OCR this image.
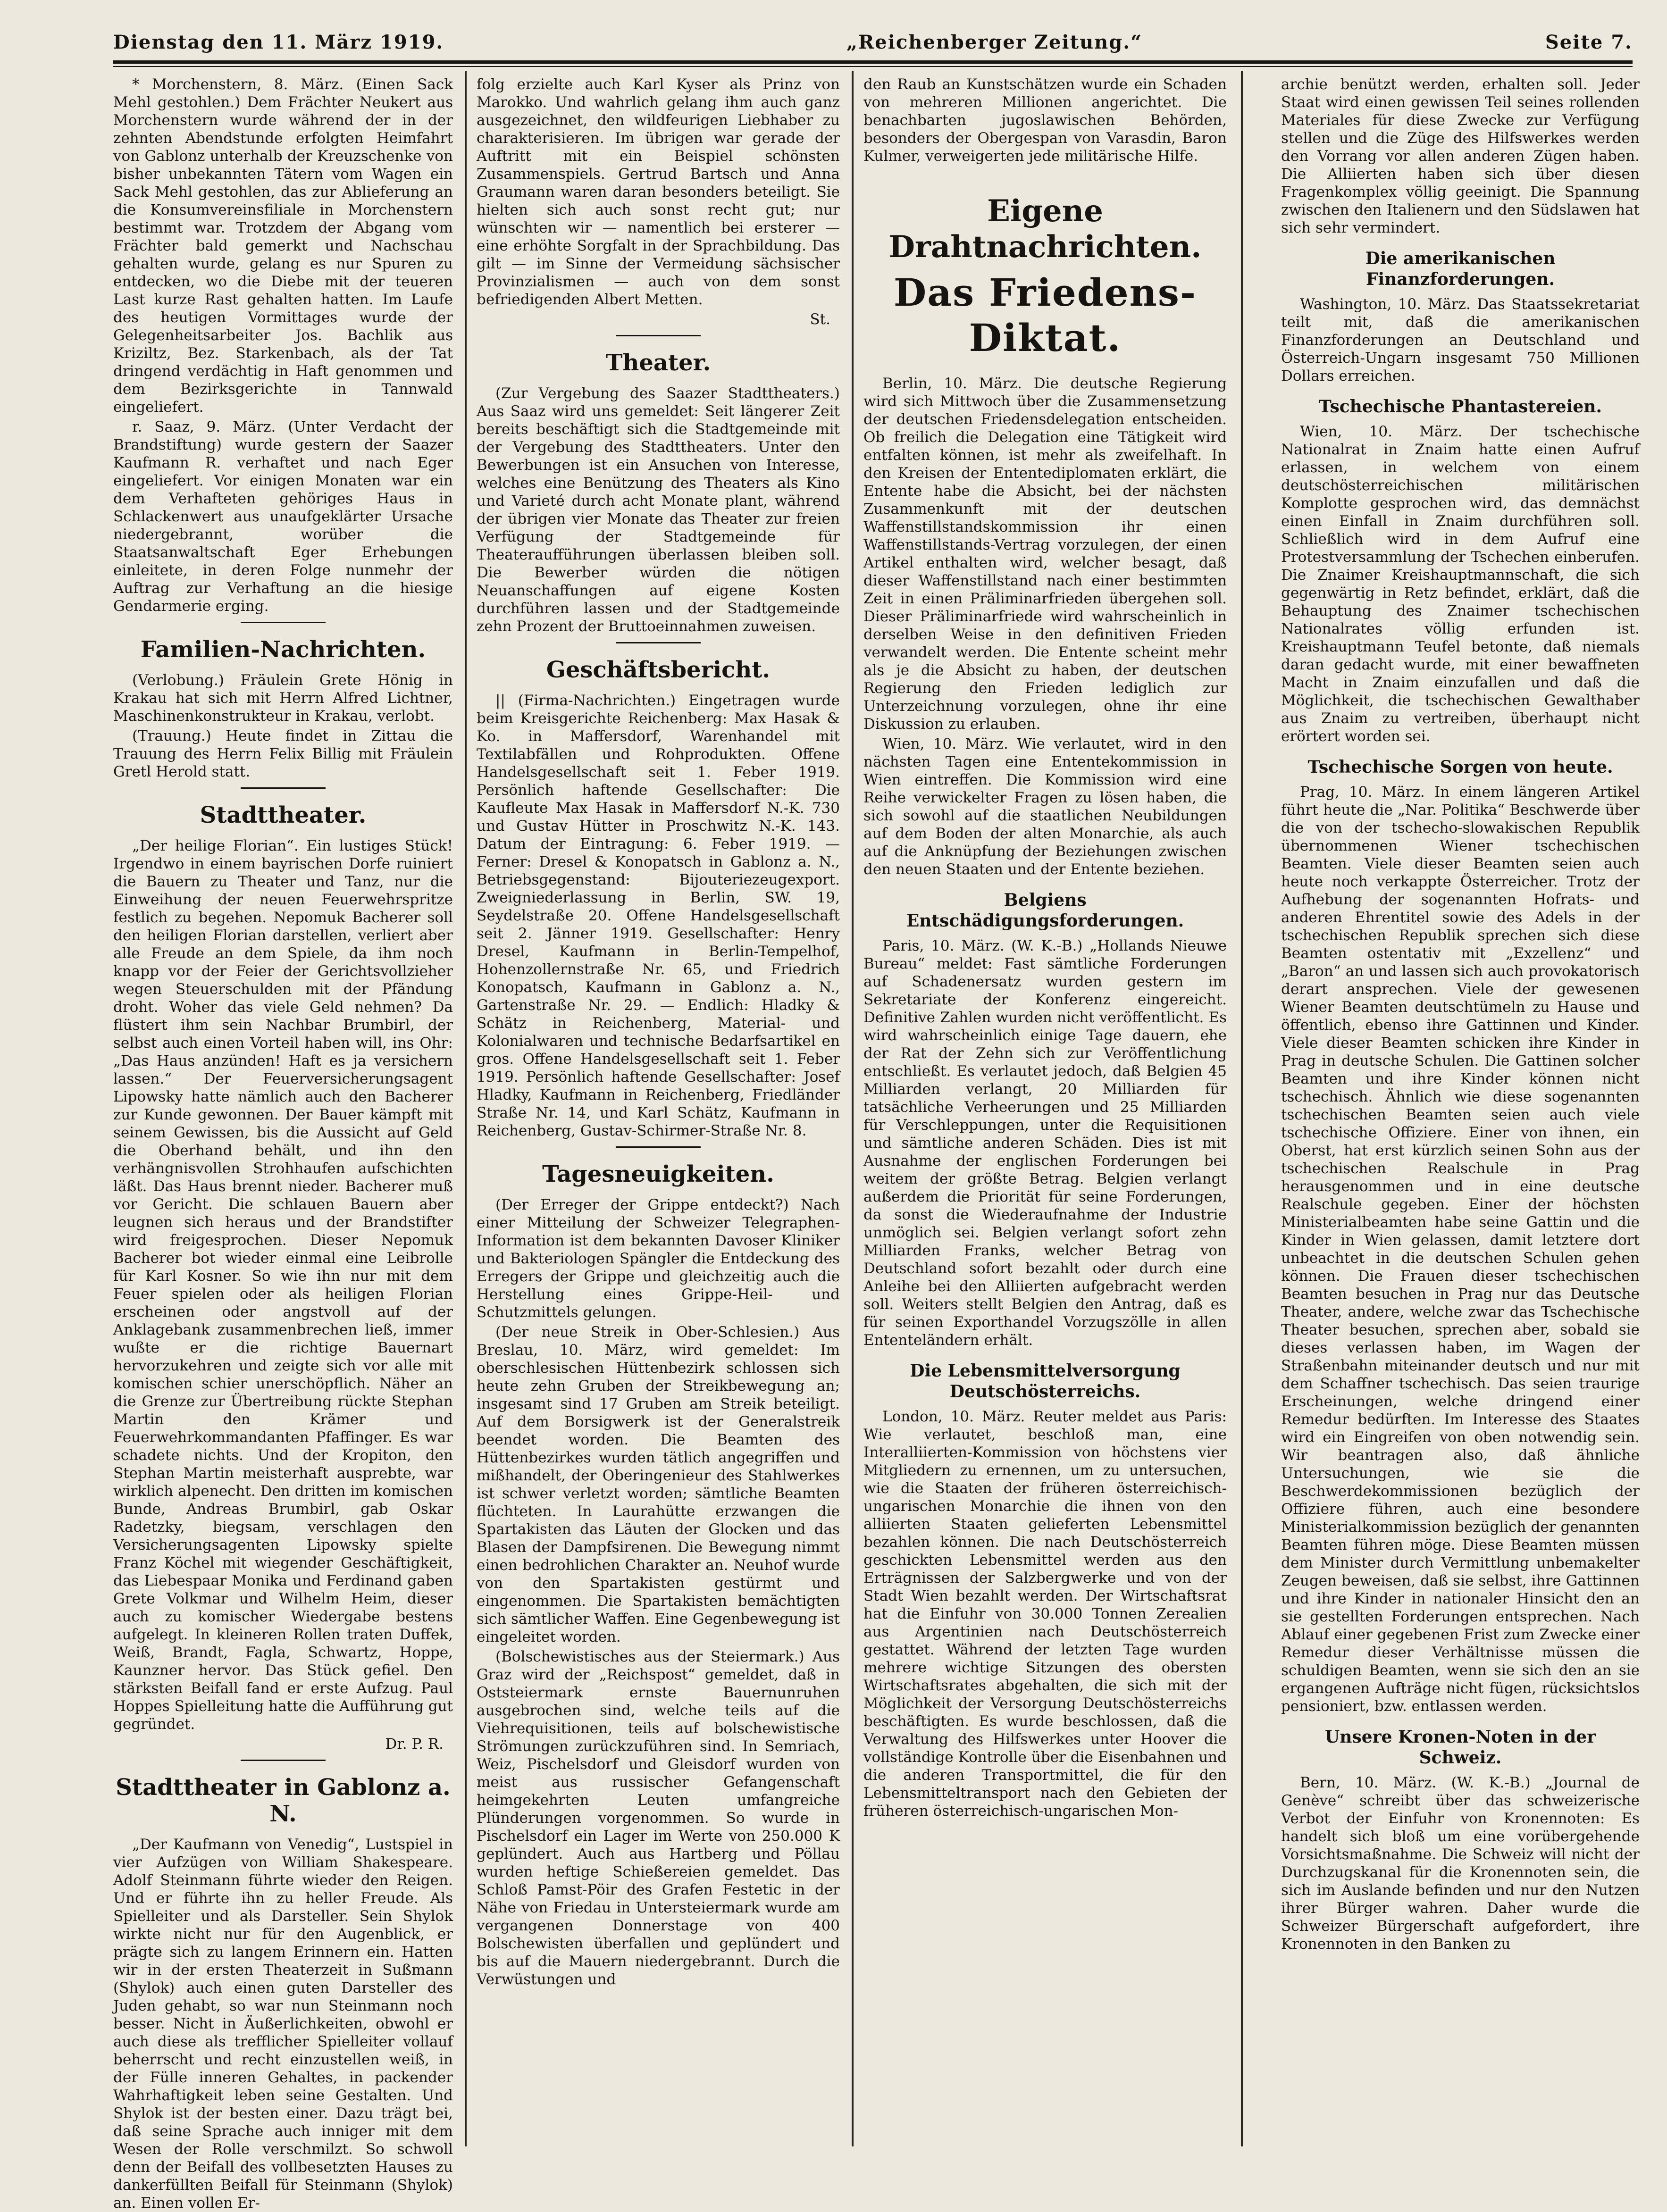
Dienstag den 11. März 1919.	„Reichenberger Zeitung.“	Seite 7.

* Morchenstern, 8. März. (Einen Sack Mehl gestohlen.) Dem Frächter Neukert aus Morchenstern wurde während der in der zehnten Abendstunde erfolgten Heimfahrt von Gablonz unterhalb der Kreuzschenke von bisher unbekannten Tätern vom Wagen ein Sack Mehl gestohlen, das zur Ablieferung an die Konsumvereinsfiliale in Morchenstern bestimmt war. Trotzdem der Abgang vom Frächter bald gemerkt und Nachschau gehalten wurde, gelang es nur Spuren zu entdecken, wo die Diebe mit der teueren Last kurze Rast gehalten hatten. Im Laufe des heutigen Vormittages wurde der Gelegenheitsarbeiter Jos. Bachlik aus Kriziltz, Bez. Starkenbach, als der Tat dringend verdächtig in Haft genommen und dem Bezirksgerichte in Tannwald eingeliefert.

r. Saaz, 9. März. (Unter Verdacht der Brandstiftung) wurde gestern der Saazer Kaufmann R. verhaftet und nach Eger eingeliefert. Vor einigen Monaten war ein dem Verhafteten gehöriges Haus in Schlackenwert aus unaufgeklärter Ursache niedergebrannt, worüber die Staatsanwaltschaft Eger Erhebungen einleitete, in deren Folge nunmehr der Auftrag zur Verhaftung an die hiesige Gendarmerie erging.

Familien-Nachrichten.

(Verlobung.) Fräulein Grete Hönig in Krakau hat sich mit Herrn Alfred Lichtner, Maschinenkonstrukteur in Krakau, verlobt.

(Trauung.) Heute findet in Zittau die Trauung des Herrn Felix Billig mit Fräulein Gretl Herold statt.

Stadttheater.

„Der heilige Florian“. Ein lustiges Stück! Irgendwo in einem bayrischen Dorfe ruiniert die Bauern zu Theater und Tanz, nur die Einweihung der neuen Feuerwehrspritze festlich zu begehen. Nepomuk Bacherer soll den heiligen Florian darstellen, verliert aber alle Freude an dem Spiele, da ihm noch knapp vor der Feier der Gerichtsvollzieher wegen Steuerschulden mit der Pfändung droht. Woher das viele Geld nehmen? Da flüstert ihm sein Nachbar Brumbirl, der selbst auch einen Vorteil haben will, ins Ohr: „Das Haus anzünden! Haft es ja versichern lassen.“ Der Feuerversicherungsagent Lipowsky hatte nämlich auch den Bacherer zur Kunde gewonnen. Der Bauer kämpft mit seinem Gewissen, bis die Aussicht auf Geld die Oberhand behält, und ihn den verhängnisvollen Strohhaufen aufschichten läßt. Das Haus brennt nieder. Bacherer muß vor Gericht. Die schlauen Bauern aber leugnen sich heraus und der Brandstifter wird freigesprochen. Dieser Nepomuk Bacherer bot wieder einmal eine Leibrolle für Karl Kosner. So wie ihn nur mit dem Feuer spielen oder als heiligen Florian erscheinen oder angstvoll auf der Anklagebank zusammenbrechen ließ, immer wußte er die richtige Bauernart hervorzukehren und zeigte sich vor alle mit komischen schier unerschöpflich. Näher an die Grenze zur Übertreibung rückte Stephan Martin den Krämer und Feuerwehrkommandanten Pfaffinger. Es war schadete nichts. Und der Kropiton, den Stephan Martin meisterhaft ausprebte, war wirklich alpenecht. Den dritten im komischen Bunde, Andreas Brumbirl, gab Oskar Radetzky, biegsam, verschlagen den Versicherungsagenten Lipowsky spielte Franz Köchel mit wiegender Geschäftigkeit, das Liebespaar Monika und Ferdinand gaben Grete Volkmar und Wilhelm Heim, dieser auch zu komischer Wiedergabe bestens aufgelegt. In kleineren Rollen traten Duffek, Weiß, Brandt, Fagla, Schwartz, Hoppe, Kaunzner hervor. Das Stück gefiel. Den stärksten Beifall fand er erste Aufzug. Paul Hoppes Spielleitung hatte die Aufführung gut gegründet.

Dr. P. R.

Stadttheater in Gablonz a. N.

„Der Kaufmann von Venedig“, Lustspiel in vier Aufzügen von William Shakespeare. Adolf Steinmann führte wieder den Reigen. Und er führte ihn zu heller Freude. Als Spielleiter und als Darsteller. Sein Shylok wirkte nicht nur für den Augenblick, er prägte sich zu langem Erinnern ein. Hatten wir in der ersten Theaterzeit in Sußmann (Shylok) auch einen guten Darsteller des Juden gehabt, so war nun Steinmann noch besser. Nicht in Äußerlichkeiten, obwohl er auch diese als trefflicher Spielleiter vollauf beherrscht und recht einzustellen weiß, in der Fülle inneren Gehaltes, in packender Wahrhaftigkeit leben seine Gestalten. Und Shylok ist der besten einer. Dazu trägt bei, daß seine Sprache auch inniger mit dem Wesen der Rolle verschmilzt. So schwoll denn der Beifall des vollbesetzten Hauses zu dankerfüllten Beifall für Steinmann (Shylok) an. Einen vollen Er-

folg erzielte auch Karl Kyser als Prinz von Marokko. Und wahrlich gelang ihm auch ganz ausgezeichnet, den wildfeurigen Liebhaber zu charakterisieren. Im übrigen war gerade der Auftritt mit ein Beispiel schönsten Zusammenspiels. Gertrud Bartsch und Anna Graumann waren daran besonders beteiligt. Sie hielten sich auch sonst recht gut; nur wünschten wir — namentlich bei ersterer — eine erhöhte Sorgfalt in der Sprachbildung. Das gilt — im Sinne der Vermeidung sächsischer Provinzialismen — auch von dem sonst befriedigenden Albert Metten.

St.

Theater.

(Zur Vergebung des Saazer Stadttheaters.) Aus Saaz wird uns gemeldet: Seit längerer Zeit bereits beschäftigt sich die Stadtgemeinde mit der Vergebung des Stadttheaters. Unter den Bewerbungen ist ein Ansuchen von Interesse, welches eine Benützung des Theaters als Kino und Varieté durch acht Monate plant, während der übrigen vier Monate das Theater zur freien Verfügung der Stadtgemeinde für Theateraufführungen überlassen bleiben soll. Die Bewerber würden die nötigen Neuanschaffungen auf eigene Kosten durchführen lassen und der Stadtgemeinde zehn Prozent der Bruttoeinnahmen zuweisen.

Geschäftsbericht.

|| (Firma-Nachrichten.) Eingetragen wurde beim Kreisgerichte Reichenberg: Max Hasak & Ko. in Maffersdorf, Warenhandel mit Textilabfällen und Rohprodukten. Offene Handelsgesellschaft seit 1. Feber 1919. Persönlich haftende Gesellschafter: Die Kaufleute Max Hasak in Maffersdorf N.-K. 730 und Gustav Hütter in Proschwitz N.-K. 143. Datum der Eintragung: 6. Feber 1919. — Ferner: Dresel & Konopatsch in Gablonz a. N., Betriebsgegenstand: Bijouteriezeugexport. Zweigniederlassung in Berlin, SW. 19, Seydelstraße 20. Offene Handelsgesellschaft seit 2. Jänner 1919. Gesellschafter: Henry Dresel, Kaufmann in Berlin-Tempelhof, Hohenzollernstraße Nr. 65, und Friedrich Konopatsch, Kaufmann in Gablonz a. N., Gartenstraße Nr. 29. — Endlich: Hladky & Schätz in Reichenberg, Material- und Kolonialwaren und technische Bedarfsartikel en gros. Offene Handelsgesellschaft seit 1. Feber 1919. Persönlich haftende Gesellschafter: Josef Hladky, Kaufmann in Reichenberg, Friedländer Straße Nr. 14, und Karl Schätz, Kaufmann in Reichenberg, Gustav-Schirmer-Straße Nr. 8.

Tagesneuigkeiten.

(Der Erreger der Grippe entdeckt?) Nach einer Mitteilung der Schweizer Telegraphen-Information ist dem bekannten Davoser Kliniker und Bakteriologen Spängler die Entdeckung des Erregers der Grippe und gleichzeitig auch die Herstellung eines Grippe-Heil- und Schutzmittels gelungen.

(Der neue Streik in Ober-Schlesien.) Aus Breslau, 10. März, wird gemeldet: Im oberschlesischen Hüttenbezirk schlossen sich heute zehn Gruben der Streikbewegung an; insgesamt sind 17 Gruben am Streik beteiligt. Auf dem Borsigwerk ist der Generalstreik beendet worden. Die Beamten des Hüttenbezirkes wurden tätlich angegriffen und mißhandelt, der Oberingenieur des Stahlwerkes ist schwer verletzt worden; sämtliche Beamten flüchteten. In Laurahütte erzwangen die Spartakisten das Läuten der Glocken und das Blasen der Dampfsirenen. Die Bewegung nimmt einen bedrohlichen Charakter an. Neuhof wurde von den Spartakisten gestürmt und eingenommen. Die Spartakisten bemächtigten sich sämtlicher Waffen. Eine Gegenbewegung ist eingeleitet worden.

(Bolschewistisches aus der Steiermark.) Aus Graz wird der „Reichspost“ gemeldet, daß in Oststeiermark ernste Bauernunruhen ausgebrochen sind, welche teils auf die Viehrequisitionen, teils auf bolschewistische Strömungen zurückzuführen sind. In Semriach, Weiz, Pischelsdorf und Gleisdorf wurden von meist aus russischer Gefangenschaft heimgekehrten Leuten umfangreiche Plünderungen vorgenommen. So wurde in Pischelsdorf ein Lager im Werte von 250.000 K geplündert. Auch aus Hartberg und Pöllau wurden heftige Schießereien gemeldet. Das Schloß Pamst-Pöir des Grafen Festetic in der Nähe von Friedau in Untersteiermark wurde am vergangenen Donnerstage von 400 Bolschewisten überfallen und geplündert und bis auf die Mauern niedergebrannt. Durch die Verwüstungen und

den Raub an Kunstschätzen wurde ein Schaden von mehreren Millionen angerichtet. Die benachbarten jugoslawischen Behörden, besonders der Obergespan von Varasdin, Baron Kulmer, verweigerten jede militärische Hilfe.

Eigene Drahtnachrichten.
Das Friedens-Diktat.

Berlin, 10. März. Die deutsche Regierung wird sich Mittwoch über die Zusammensetzung der deutschen Friedensdelegation entscheiden. Ob freilich die Delegation eine Tätigkeit wird entfalten können, ist mehr als zweifelhaft. In den Kreisen der Ententediplomaten erklärt, die Entente habe die Absicht, bei der nächsten Zusammenkunft mit der deutschen Waffenstillstandskommission ihr einen Waffenstillstands-Vertrag vorzulegen, der einen Artikel enthalten wird, welcher besagt, daß dieser Waffenstillstand nach einer bestimmten Zeit in einen Präliminarfrieden übergehen soll. Dieser Präliminarfriede wird wahrscheinlich in derselben Weise in den definitiven Frieden verwandelt werden. Die Entente scheint mehr als je die Absicht zu haben, der deutschen Regierung den Frieden lediglich zur Unterzeichnung vorzulegen, ohne ihr eine Diskussion zu erlauben.

Wien, 10. März. Wie verlautet, wird in den nächsten Tagen eine Ententekommission in Wien eintreffen. Die Kommission wird eine Reihe verwickelter Fragen zu lösen haben, die sich sowohl auf die staatlichen Neubildungen auf dem Boden der alten Monarchie, als auch auf die Anknüpfung der Beziehungen zwischen den neuen Staaten und der Entente beziehen.

Belgiens Entschädigungsforderungen.

Paris, 10. März. (W. K.-B.) „Hollands Nieuwe Bureau“ meldet: Fast sämtliche Forderungen auf Schadenersatz wurden gestern im Sekretariate der Konferenz eingereicht. Definitive Zahlen wurden nicht veröffentlicht. Es wird wahrscheinlich einige Tage dauern, ehe der Rat der Zehn sich zur Veröffentlichung entschließt. Es verlautet jedoch, daß Belgien 45 Milliarden verlangt, 20 Milliarden für tatsächliche Verheerungen und 25 Milliarden für Verschleppungen, unter die Requisitionen und sämtliche anderen Schäden. Dies ist mit Ausnahme der englischen Forderungen bei weitem der größte Betrag. Belgien verlangt außerdem die Priorität für seine Forderungen, da sonst die Wiederaufnahme der Industrie unmöglich sei. Belgien verlangt sofort zehn Milliarden Franks, welcher Betrag von Deutschland sofort bezahlt oder durch eine Anleihe bei den Alliierten aufgebracht werden soll. Weiters stellt Belgien den Antrag, daß es für seinen Exporthandel Vorzugszölle in allen Ententeländern erhält.

Die Lebensmittelversorgung Deutschösterreichs.

London, 10. März. Reuter meldet aus Paris: Wie verlautet, beschloß man, eine Interalliierten-Kommission von höchstens vier Mitgliedern zu ernennen, um zu untersuchen, wie die Staaten der früheren österreichisch-ungarischen Monarchie die ihnen von den alliierten Staaten gelieferten Lebensmittel bezahlen können. Die nach Deutschösterreich geschickten Lebensmittel werden aus den Erträgnissen der Salzbergwerke und von der Stadt Wien bezahlt werden. Der Wirtschaftsrat hat die Einfuhr von 30.000 Tonnen Zerealien aus Argentinien nach Deutschösterreich gestattet. Während der letzten Tage wurden mehrere wichtige Sitzungen des obersten Wirtschaftsrates abgehalten, die sich mit der Möglichkeit der Versorgung Deutschösterreichs beschäftigten. Es wurde beschlossen, daß die Verwaltung des Hilfswerkes unter Hoover die vollständige Kontrolle über die Eisenbahnen und die anderen Transportmittel, die für den Lebensmitteltransport nach den Gebieten der früheren österreichisch-ungarischen Mon-

archie benützt werden, erhalten soll. Jeder Staat wird einen gewissen Teil seines rollenden Materiales für diese Zwecke zur Verfügung stellen und die Züge des Hilfswerkes werden den Vorrang vor allen anderen Zügen haben. Die Alliierten haben sich über diesen Fragenkomplex völlig geeinigt. Die Spannung zwischen den Italienern und den Südslawen hat sich sehr vermindert.

Die amerikanischen Finanzforderungen.

Washington, 10. März. Das Staatssekretariat teilt mit, daß die amerikanischen Finanzforderungen an Deutschland und Österreich-Ungarn insgesamt 750 Millionen Dollars erreichen.

Tschechische Phantastereien.

Wien, 10. März. Der tschechische Nationalrat in Znaim hatte einen Aufruf erlassen, in welchem von einem deutschösterreichischen militärischen Komplotte gesprochen wird, das demnächst einen Einfall in Znaim durchführen soll. Schließlich wird in dem Aufruf eine Protestversammlung der Tschechen einberufen. Die Znaimer Kreishauptmannschaft, die sich gegenwärtig in Retz befindet, erklärt, daß die Behauptung des Znaimer tschechischen Nationalrates völlig erfunden ist. Kreishauptmann Teufel betonte, daß niemals daran gedacht wurde, mit einer bewaffneten Macht in Znaim einzufallen und daß die Möglichkeit, die tschechischen Gewalthaber aus Znaim zu vertreiben, überhaupt nicht erörtert worden sei.

Tschechische Sorgen von heute.

Prag, 10. März. In einem längeren Artikel führt heute die „Nar. Politika“ Beschwerde über die von der tschecho-slowakischen Republik übernommenen Wiener tschechischen Beamten. Viele dieser Beamten seien auch heute noch verkappte Österreicher. Trotz der Aufhebung der sogenannten Hofrats- und anderen Ehrentitel sowie des Adels in der tschechischen Republik sprechen sich diese Beamten ostentativ mit „Exzellenz“ und „Baron“ an und lassen sich auch provokatorisch derart ansprechen. Viele der gewesenen Wiener Beamten deutschtümeln zu Hause und öffentlich, ebenso ihre Gattinnen und Kinder. Viele dieser Beamten schicken ihre Kinder in Prag in deutsche Schulen. Die Gattinen solcher Beamten und ihre Kinder können nicht tschechisch. Ähnlich wie diese sogenannten tschechischen Beamten seien auch viele tschechische Offiziere. Einer von ihnen, ein Oberst, hat erst kürzlich seinen Sohn aus der tschechischen Realschule in Prag herausgenommen und in eine deutsche Realschule gegeben. Einer der höchsten Ministerialbeamten habe seine Gattin und die Kinder in Wien gelassen, damit letztere dort unbeachtet in die deutschen Schulen gehen können. Die Frauen dieser tschechischen Beamten besuchen in Prag nur das Deutsche Theater, andere, welche zwar das Tschechische Theater besuchen, sprechen aber, sobald sie dieses verlassen haben, im Wagen der Straßenbahn miteinander deutsch und nur mit dem Schaffner tschechisch. Das seien traurige Erscheinungen, welche dringend einer Remedur bedürften. Im Interesse des Staates wird ein Eingreifen von oben notwendig sein. Wir beantragen also, daß ähnliche Untersuchungen, wie sie die Beschwerdekommissionen bezüglich der Offiziere führen, auch eine besondere Ministerialkommission bezüglich der genannten Beamten führen möge. Diese Beamten müssen dem Minister durch Vermittlung unbemakelter Zeugen beweisen, daß sie selbst, ihre Gattinnen und ihre Kinder in nationaler Hinsicht den an sie gestellten Forderungen entsprechen. Nach Ablauf einer gegebenen Frist zum Zwecke einer Remedur dieser Verhältnisse müssen die schuldigen Beamten, wenn sie sich den an sie ergangenen Aufträge nicht fügen, rücksichtslos pensioniert, bzw. entlassen werden.

Unsere Kronen-Noten in der Schweiz.

Bern, 10. März. (W. K.-B.) „Journal de Genève“ schreibt über das schweizerische Verbot der Einfuhr von Kronennoten: Es handelt sich bloß um eine vorübergehende Vorsichtsmaßnahme. Die Schweiz will nicht der Durchzugskanal für die Kronennoten sein, die sich im Auslande befinden und nur den Nutzen ihrer Bürger wahren. Daher wurde die Schweizer Bürgerschaft aufgefordert, ihre Kronennoten in den Banken zu
